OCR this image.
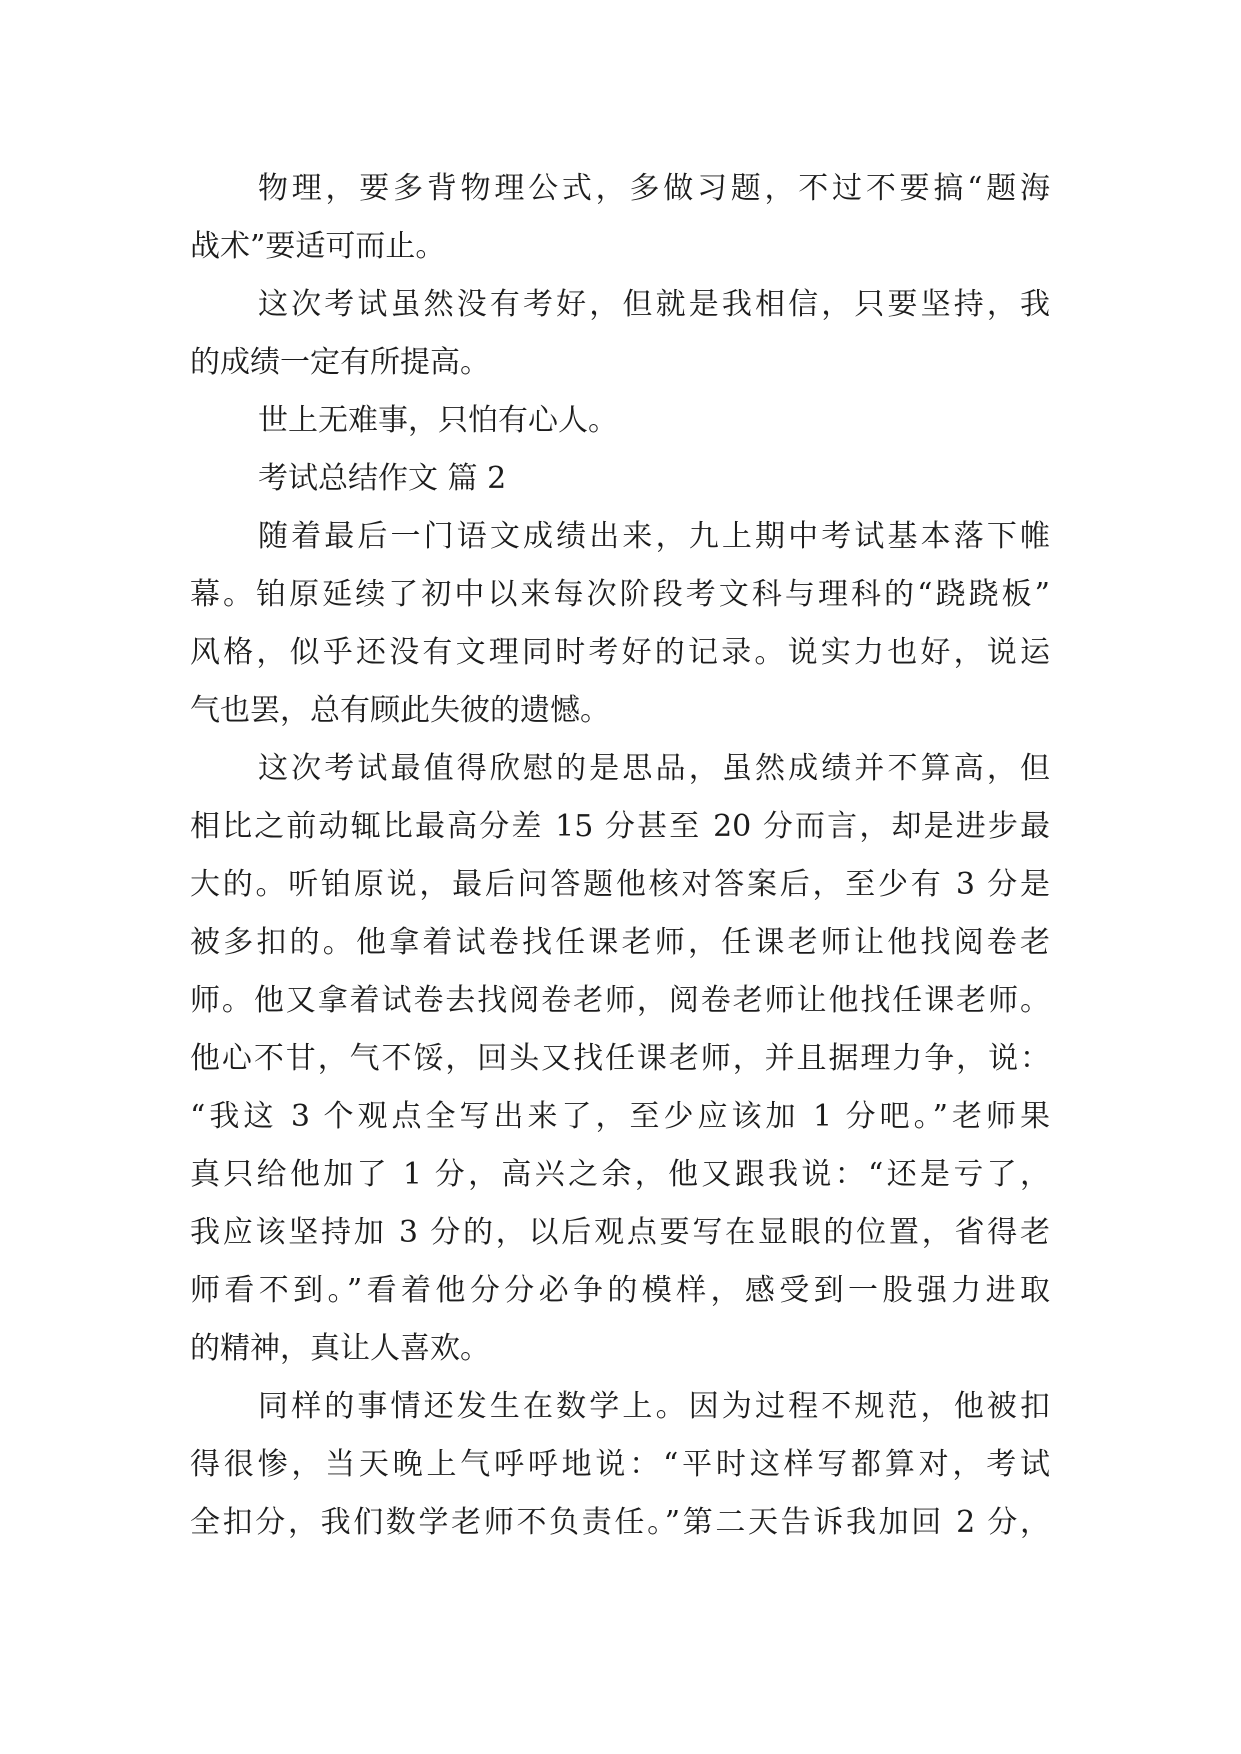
物理，要多背物理公式，多做习题，不过不要搞“题海
战术”要适可而止。
这次考试虽然没有考好，但就是我相信，只要坚持，我
的成绩一定有所提高。
世上无难事，只怕有心人。
考试总结作文 篇 2
随着最后一门语文成绩出来，九上期中考试基本落下帷
幕。铂原延续了初中以来每次阶段考文科与理科的“跷跷板”
风格，似乎还没有文理同时考好的记录。说实力也好，说运
气也罢，总有顾此失彼的遗憾。
这次考试最值得欣慰的是思品，虽然成绩并不算高，但
相比之前动辄比最高分差 15 分甚至 20 分而言，却是进步最
大的。听铂原说，最后问答题他核对答案后，至少有 3 分是
被多扣的。他拿着试卷找任课老师，任课老师让他找阅卷老
师。他又拿着试卷去找阅卷老师，阅卷老师让他找任课老师。
他心不甘，气不馁，回头又找任课老师，并且据理力争，说：
“我这 3 个观点全写出来了，至少应该加 1 分吧。”老师果
真只给他加了 1 分，高兴之余，他又跟我说：“还是亏了，
我应该坚持加 3 分的，以后观点要写在显眼的位置，省得老
师看不到。”看着他分分必争的模样，感受到一股强力进取
的精神，真让人喜欢。
同样的事情还发生在数学上。因为过程不规范，他被扣
得很惨，当天晚上气呼呼地说：“平时这样写都算对，考试
全扣分，我们数学老师不负责任。”第二天告诉我加回 2 分，
